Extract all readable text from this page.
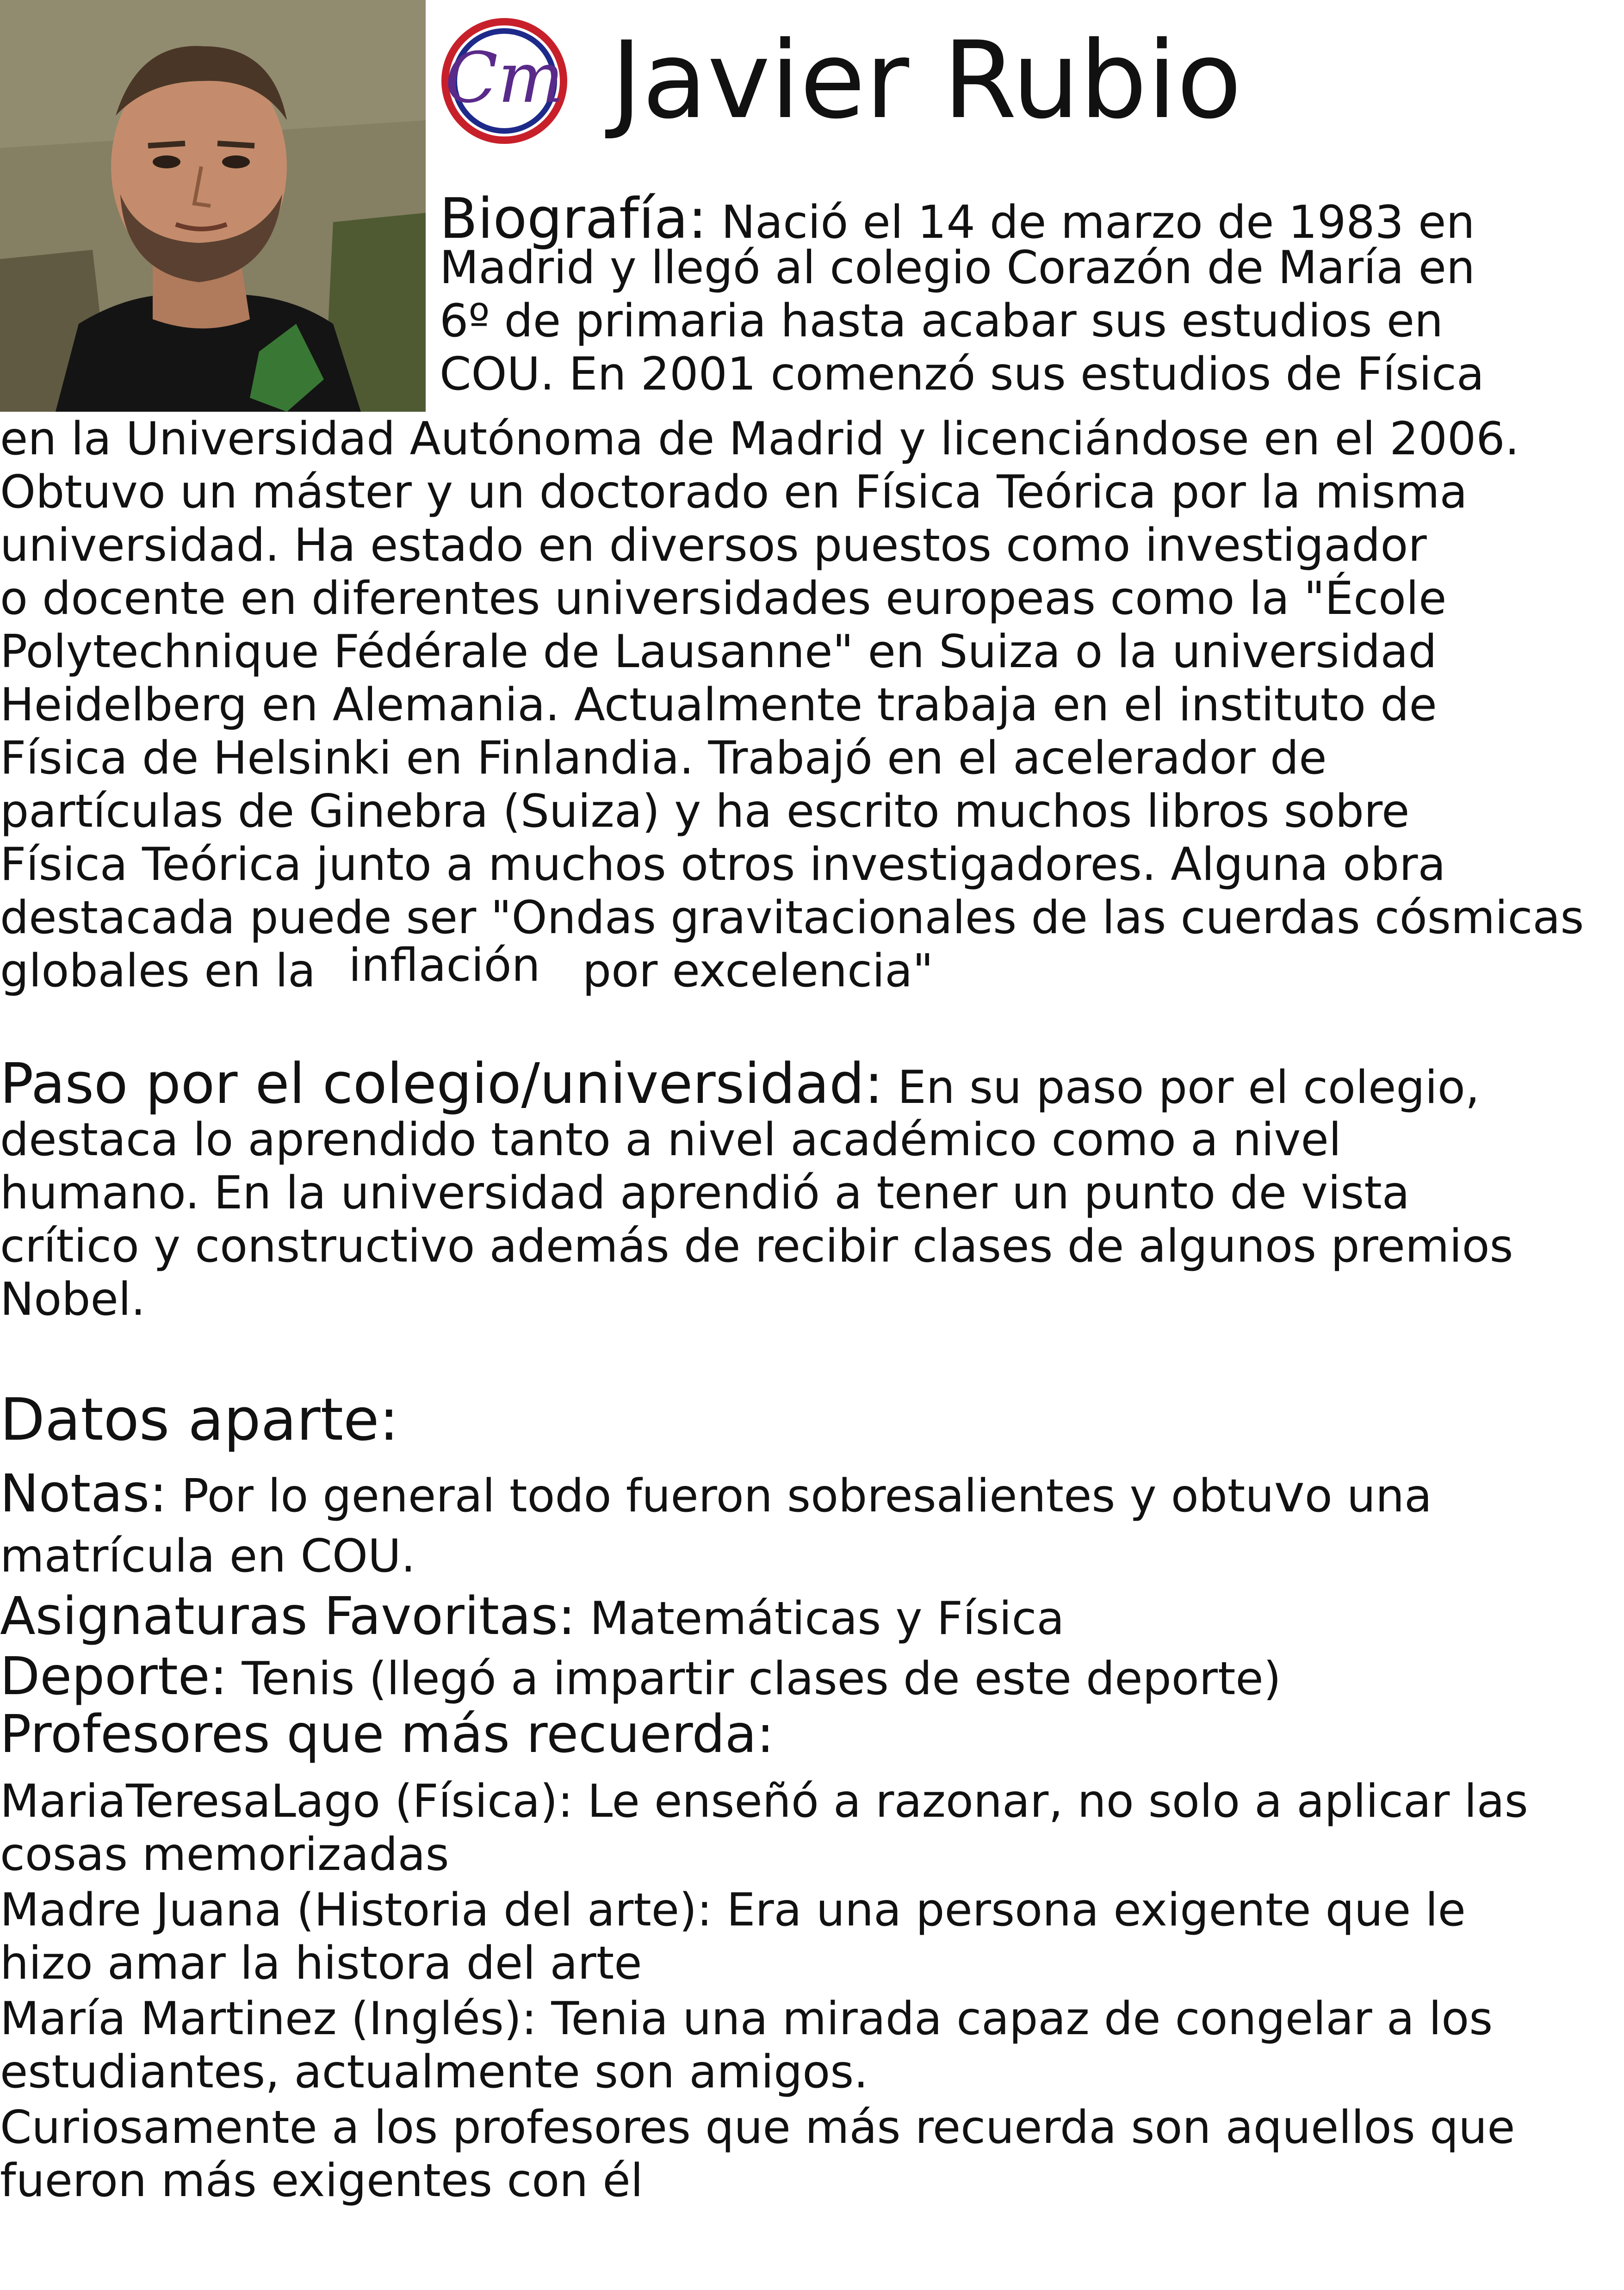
Cm Javier Rubio
Biografía: Nació el 14 de marzo de 1983 en
Madrid y llegó al colegio Corazón de María en
6º de primaria hasta acabar sus estudios en
COU. En 2001 comenzó sus estudios de Física
en la Universidad Autónoma de Madrid y licenciándose en el 2006.
Obtuvo un máster y un doctorado en Física Teórica por la misma
universidad. Ha estado en diversos puestos como investigador
o docente en diferentes universidades europeas como la "École
Polytechnique Fédérale de Lausanne" en Suiza o la universidad
Heidelberg en Alemania. Actualmente trabaja en el instituto de
Física de Helsinki en Finlandia. Trabajó en el acelerador de
partículas de Ginebra (Suiza) y ha escrito muchos libros sobre
Física Teórica junto a muchos otros investigadores. Alguna obra
destacada puede ser "Ondas gravitacionales de las cuerdas cósmicas
globales en la inflación por excelencia"
Paso por el colegio/universidad: En su paso por el colegio,
destaca lo aprendido tanto a nivel académico como a nivel
humano. En la universidad aprendió a tener un punto de vista
crítico y constructivo además de recibir clases de algunos premios
Nobel.
Datos aparte:
Notas: Por lo general todo fueron sobresalientes y obtuvo una
matrícula en COU.
Asignaturas Favoritas: Matemáticas y Física
Deporte: Tenis (llegó a impartir clases de este deporte)
Profesores que más recuerda:
MariaTeresaLago (Física): Le enseñó a razonar, no solo a aplicar las
cosas memorizadas
Madre Juana (Historia del arte): Era una persona exigente que le
hizo amar la histora del arte
María Martinez (Inglés): Tenia una mirada capaz de congelar a los
estudiantes, actualmente son amigos.
Curiosamente a los profesores que más recuerda son aquellos que
fueron más exigentes con él
